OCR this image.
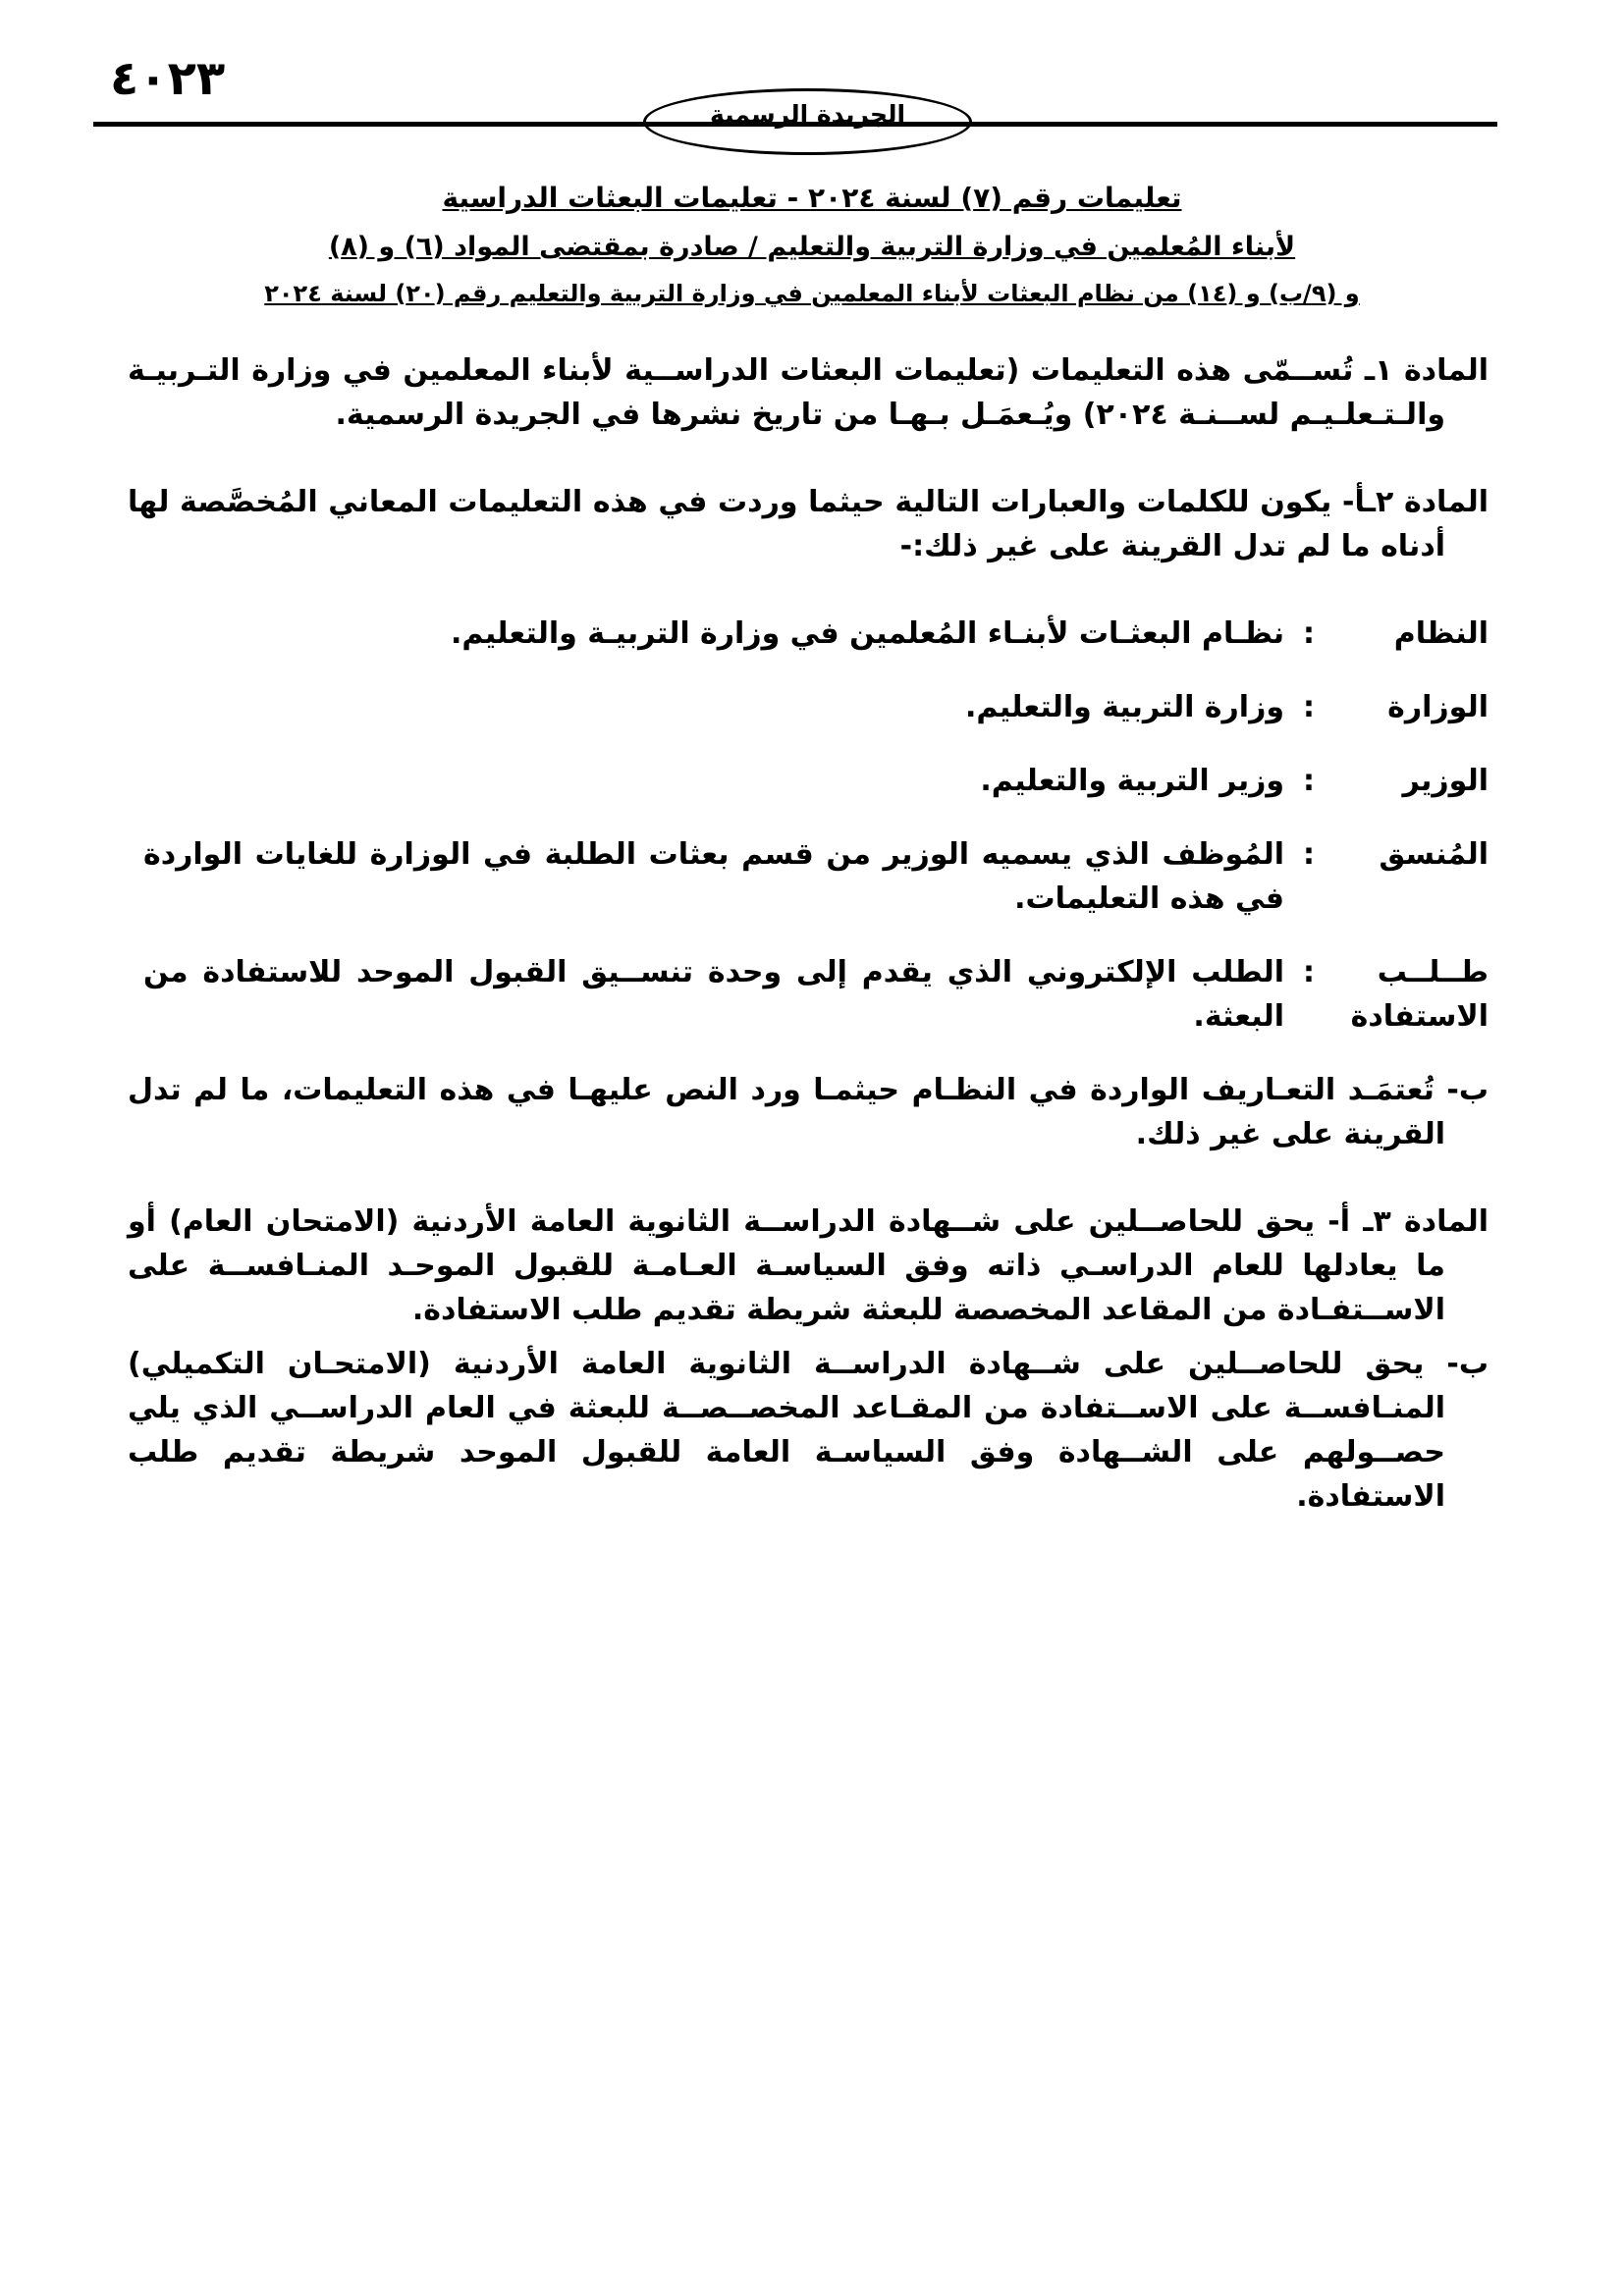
٤٠٢٣
الجريدة الرسمية
تعليمات رقم (٧) لسنة ٢٠٢٤ - تعليمات البعثات الدراسية
لأبناء المُعلمين في وزارة التربية والتعليم / صادرة بمقتضى المواد (٦) و (٨)
و (٩/ب) و (١٤) من نظام البعثات لأبناء المعلمين في وزارة التربية والتعليم رقم (٢٠) لسنة ٢٠٢٤

المادة ١ـ تُســمّى هذه التعليمات (تعليمات البعثات الدراســية لأبناء المعلمين في وزارة التـربيـة والـتـعلـيـم لســنـة ٢٠٢٤) ويُـعمَـل بـهـا من تاريخ نشرها في الجريدة الرسمية.

المادة ٢ـأ- يكون للكلمات والعبارات التالية حيثما وردت في هذه التعليمات المعاني المُخصَّصة لها أدناه ما لم تدل القرينة على غير ذلك:-

النظام
:
نظـام البعثـات لأبنـاء المُعلمين في وزارة التربيـة والتعليم.
الوزارة
:
وزارة التربية والتعليم.
الوزير
:
وزير التربية والتعليم.
المُنسق
:
المُوظف الذي يسميه الوزير من قسم بعثات الطلبة في الوزارة للغايات الواردة في هذه التعليمات.
طــلــب الاستفادة
:
الطلب الإلكتروني الذي يقدم إلى وحدة تنســيق القبول الموحد للاستفادة من البعثة.

ب- تُعتمَـد التعـاريف الواردة في النظـام حيثمـا ورد النص عليهـا في هذه التعليمات، ما لم تدل القرينة على غير ذلك.

المادة ٣ـ أ- يحق للحاصــلين على شــهادة الدراســة الثانوية العامة الأردنية (الامتحان العام) أو ما يعادلها للعام الدراسـي ذاته وفق السياسـة العـامـة للقبول الموحـد المنـافســة على الاســتفـادة من المقاعد المخصصة للبعثة شريطة تقديم طلب الاستفادة.

ب- يحق للحاصــلين على شــهادة الدراســة الثانوية العامة الأردنية (الامتحـان التكميلي) المنـافســة على الاســتفادة من المقـاعد المخصــصــة للبعثة في العام الدراســي الذي يلي حصــولهم على الشــهادة وفق السياسـة العامة للقبول الموحد شريطة تقديم طلب الاستفادة.
